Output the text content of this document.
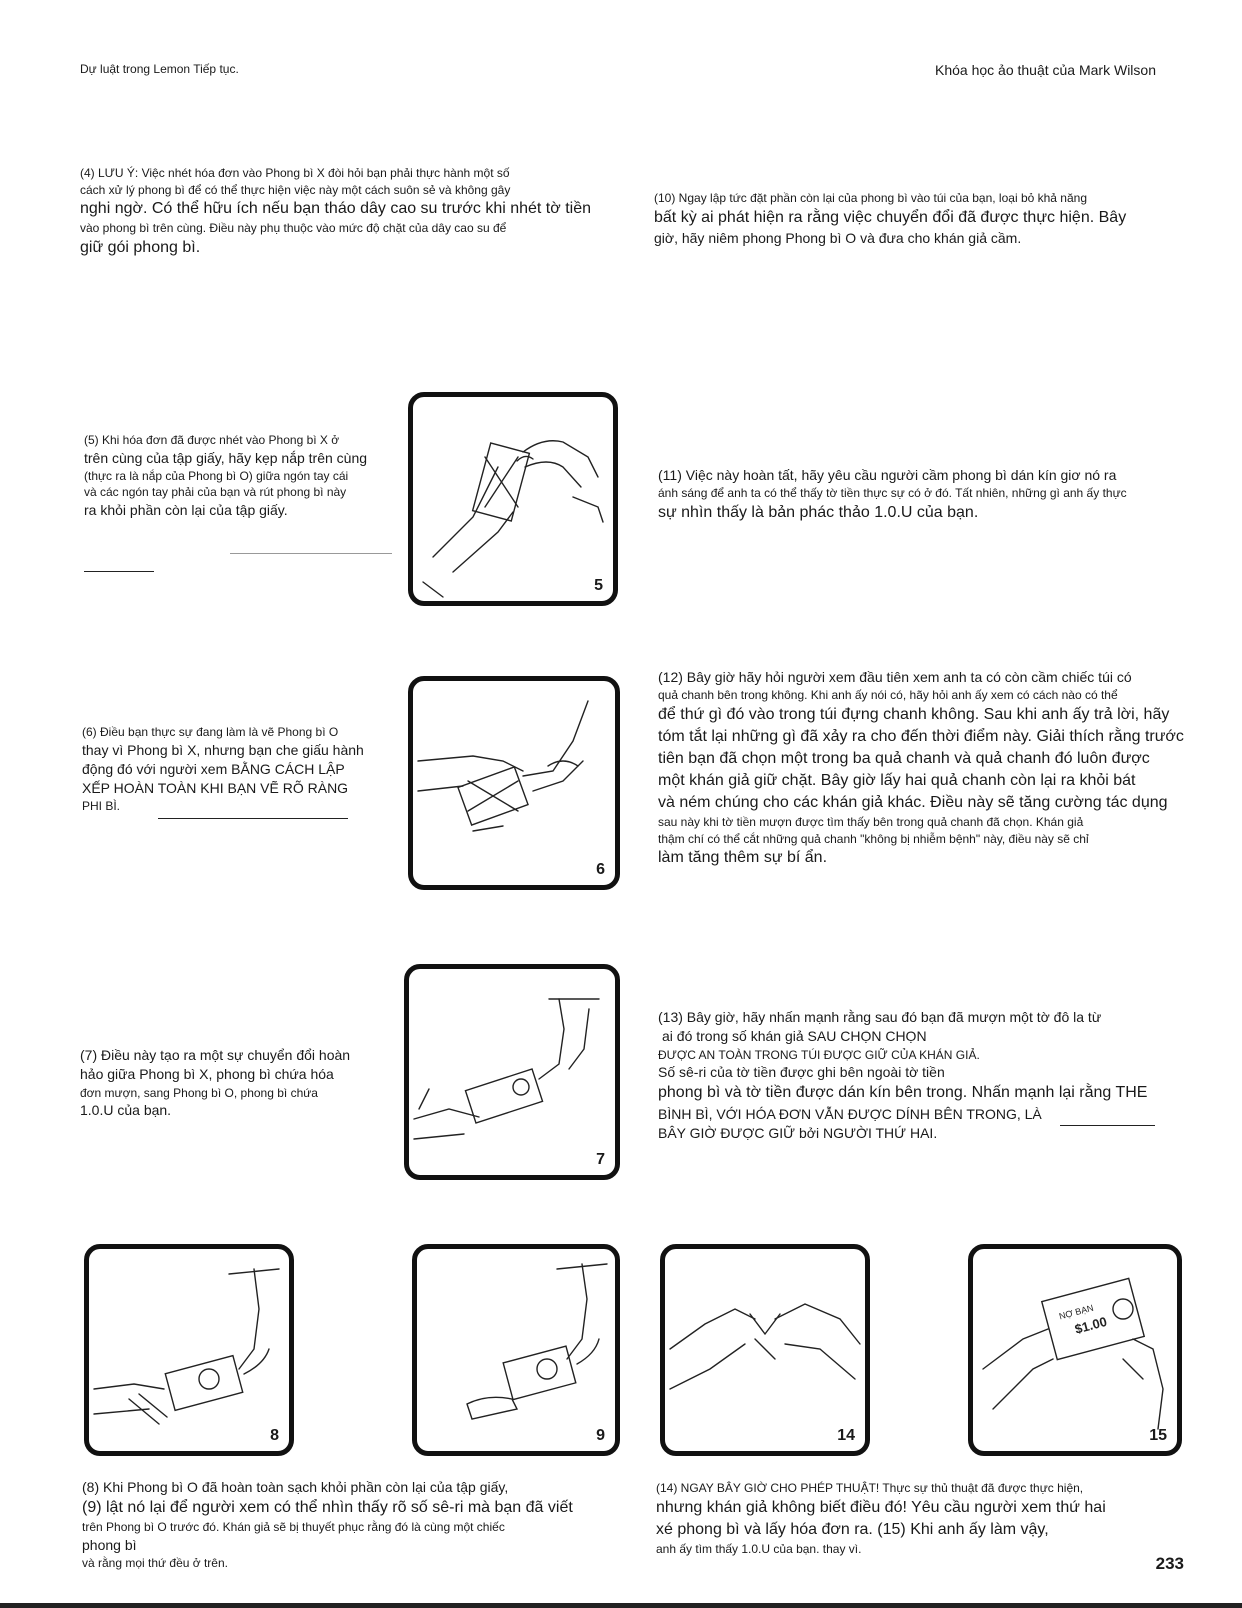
Dự luật trong Lemon Tiếp tục.	Khóa học ảo thuật của Mark Wilson
(4) LƯU Ý: Việc nhét hóa đơn vào Phong bì X đòi hỏi bạn phải thực hành một số
cách xử lý phong bì để có thể thực hiện việc này một cách suôn sẻ và không gây
nghi ngờ. Có thể hữu ích nếu bạn tháo dây cao su trước khi nhét tờ tiền
vào phong bì trên cùng. Điều này phụ thuộc vào mức độ chặt của dây cao su để
giữ gói phong bì.
(10) Ngay lập tức đặt phần còn lại của phong bì vào túi của bạn, loại bỏ khả năng
bất kỳ ai phát hiện ra rằng việc chuyển đổi đã được thực hiện. Bây
giờ, hãy niêm phong Phong bì O và đưa cho khán giả cầm.
(5) Khi hóa đơn đã được nhét vào Phong bì X ở
trên cùng của tập giấy, hãy kẹp nắp trên cùng
(thực ra là nắp của Phong bì O) giữa ngón tay cái
và các ngón tay phải của bạn và rút phong bì này
ra khỏi phần còn lại của tập giấy.
5
(11) Việc này hoàn tất, hãy yêu cầu người cầm phong bì dán kín giơ nó ra
ánh sáng để anh ta có thể thấy tờ tiền thực sự có ở đó. Tất nhiên, những gì anh ấy thực
sự nhìn thấy là bản phác thảo 1.0.U của bạn.
(6) Điều bạn thực sự đang làm là vẽ Phong bì O
thay vì Phong bì X, nhưng bạn che giấu hành
động đó với người xem BẰNG CÁCH LẬP
XẾP HOÀN TOÀN KHI BẠN VẼ RÕ RÀNG
PHI BÌ.
6
(12) Bây giờ hãy hỏi người xem đầu tiên xem anh ta có còn cầm chiếc túi có
quả chanh bên trong không. Khi anh ấy nói có, hãy hỏi anh ấy xem có cách nào có thể
để thứ gì đó vào trong túi đựng chanh không. Sau khi anh ấy trả lời, hãy
tóm tắt lại những gì đã xảy ra cho đến thời điểm này. Giải thích rằng trước
tiên bạn đã chọn một trong ba quả chanh và quả chanh đó luôn được
một khán giả giữ chặt. Bây giờ lấy hai quả chanh còn lại ra khỏi bát
và ném chúng cho các khán giả khác. Điều này sẽ tăng cường tác dụng
sau này khi tờ tiền mượn được tìm thấy bên trong quả chanh đã chọn. Khán giả
thậm chí có thể cắt những quả chanh "không bị nhiễm bệnh" này, điều này sẽ chỉ
làm tăng thêm sự bí ẩn.
(7) Điều này tạo ra một sự chuyển đổi hoàn
hảo giữa Phong bì X, phong bì chứa hóa
đơn mượn, sang Phong bì O, phong bì chứa
1.0.U của bạn.
7
(13) Bây giờ, hãy nhấn mạnh rằng sau đó bạn đã mượn một tờ đô la từ
ai đó trong số khán giả SAU CHỌN CHỌN
ĐƯỢC AN TOÀN TRONG TÚI ĐƯỢC GIỮ CỦA KHÁN GIẢ.
Số sê-ri của tờ tiền được ghi bên ngoài tờ tiền
phong bì và tờ tiền được dán kín bên trong. Nhấn mạnh lại rằng THE
BÌNH BÌ, VỚI HÓA ĐƠN VẪN ĐƯỢC DÍNH BÊN TRONG, LÀ
BÂY GIỜ ĐƯỢC GIỮ bởi NGƯỜI THỨ HAI.
8	9	14
NỢ BẠN
$1.00
15
(8) Khi Phong bì O đã hoàn toàn sạch khỏi phần còn lại của tập giấy,
(9) lật nó lại để người xem có thể nhìn thấy rõ số sê-ri mà bạn đã viết
trên Phong bì O trước đó. Khán giả sẽ bị thuyết phục rằng đó là cùng một chiếc
phong bì
và rằng mọi thứ đều ở trên.
(14) NGAY BÂY GIỜ CHO PHÉP THUẬT! Thực sự thủ thuật đã được thực hiện,
nhưng khán giả không biết điều đó! Yêu cầu người xem thứ hai
xé phong bì và lấy hóa đơn ra. (15) Khi anh ấy làm vậy,
anh ấy tìm thấy 1.0.U của bạn. thay vì.
233
